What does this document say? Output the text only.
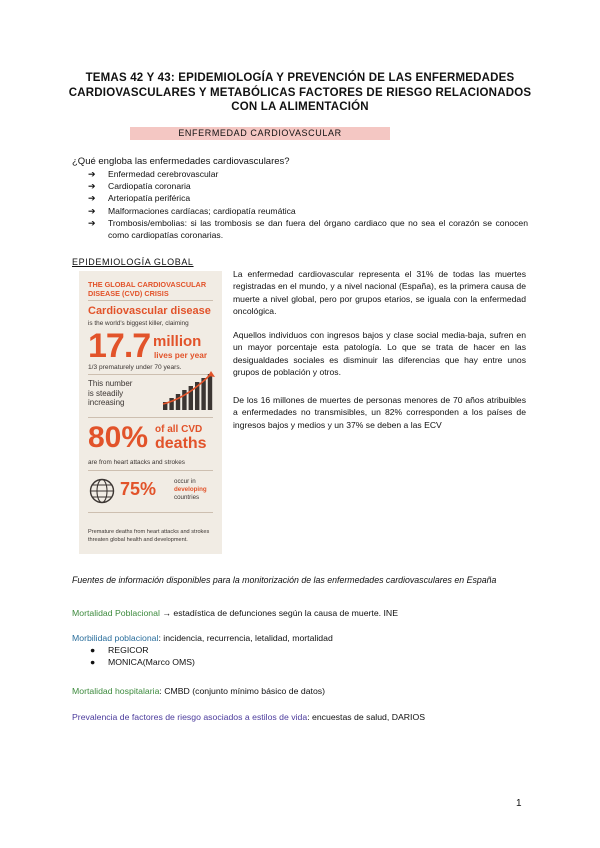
TEMAS 42 Y 43: EPIDEMIOLOGÍA Y PREVENCIÓN DE LAS ENFERMEDADES
CARDIOVASCULARES Y METABÓLICAS FACTORES DE RIESGO RELACIONADOS
CON LA ALIMENTACIÓN
ENFERMEDAD CARDIOVASCULAR
¿Qué engloba las enfermedades cardiovasculares?
➔ Enfermedad cerebrovascular
➔ Cardiopatía coronaria
➔ Arteriopatía periférica
➔ Malformaciones cardíacas; cardiopatía reumática
➔ Trombosis/embolias: si las trombosis se dan fuera del órgano cardiaco que no sea el corazón se conocen como cardiopatías coronarias.
EPIDEMIOLOGÍA GLOBAL
THE GLOBAL CARDIOVASCULAR
DISEASE (CVD) CRISIS
Cardiovascular disease
is the world's biggest killer, claiming
17.7 million
lives per year
1/3 prematurely under 70 years.
This number
is steadily
increasing
80% of all CVD
deaths
are from heart attacks and strokes
75%	occur in
developing
countries
Premature deaths from heart attacks and strokes
threaten global health and development.

La enfermedad cardiovascular representa el 31% de todas las muertes registradas en el mundo, y a nivel nacional (España), es la primera causa de muerte a nivel global, pero por grupos etarios, se iguala con la enfermedad oncológica.

Aquellos individuos con ingresos bajos y clase social media-baja, sufren en un mayor porcentaje esta patología. Lo que se trata de hacer en las desigualdades sociales es disminuir las diferencias que hay entre unos grupos de población y otros.

De los 16 millones de muertes de personas menores de 70 años atribuibles a enfermedades no transmisibles, un 82% corresponden a los países de ingresos bajos y medios y un 37% se deben a las ECV

Fuentes de información disponibles para la monitorización de las enfermedades cardiovasculares en España

Mortalidad Poblacional → estadística de defunciones según la causa de muerte. INE
Morbilidad poblacional: incidencia, recurrencia, letalidad, mortalidad
● REGICOR
● MONICA(Marco OMS)
Mortalidad hospitalaria: CMBD (conjunto mínimo básico de datos)
Prevalencia de factores de riesgo asociados a estilos de vida: encuestas de salud, DARIOS
1
